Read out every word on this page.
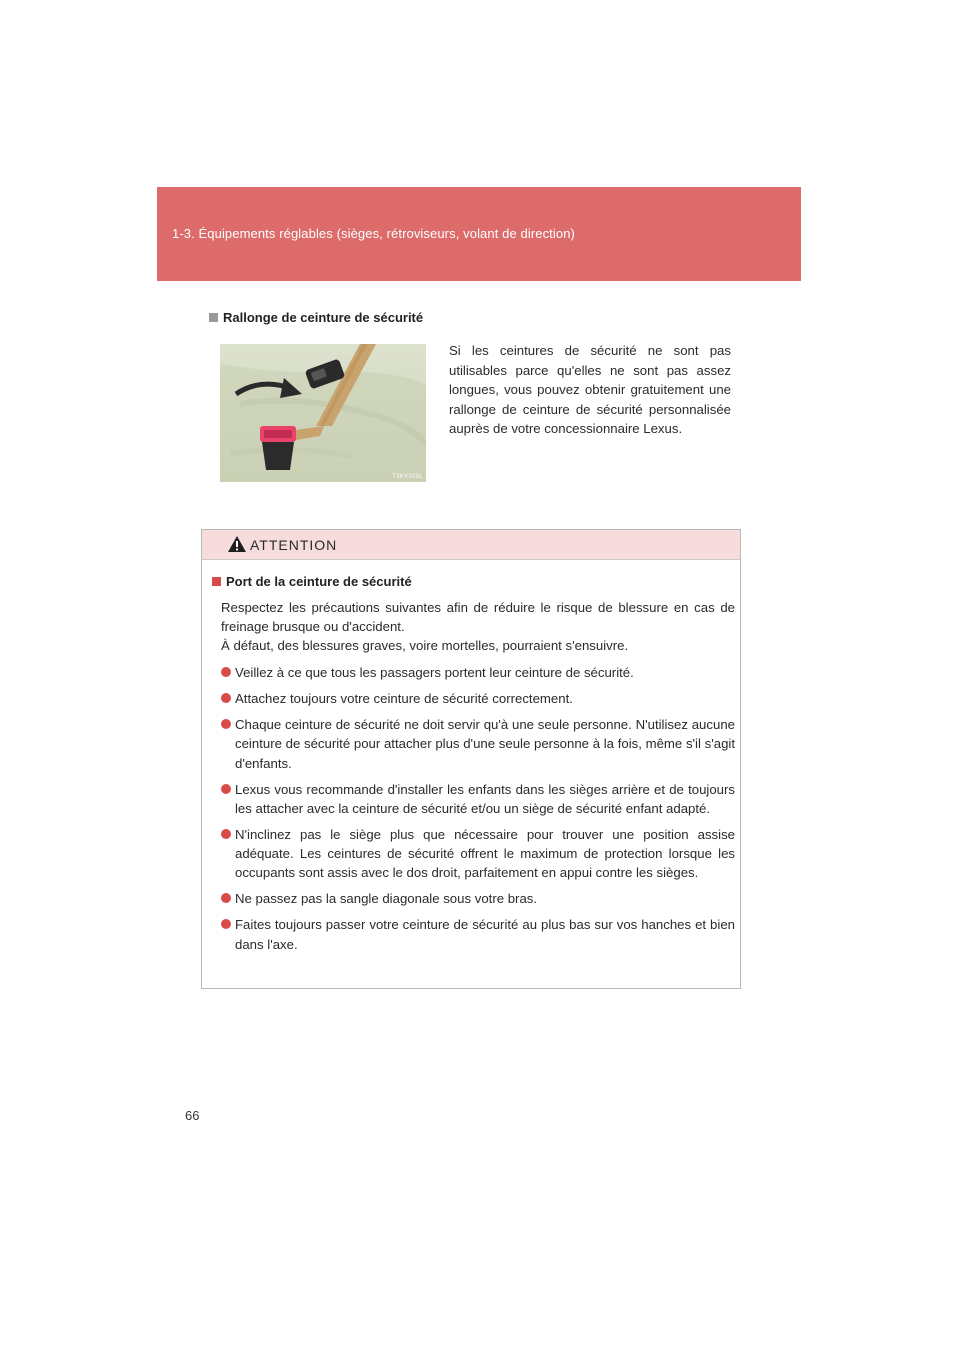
1-3. Équipements réglables (sièges, rétroviseurs, volant de direction)
Rallonge de ceinture de sécurité
T3KY010L
Si les ceintures de sécurité ne sont pas utilisables parce qu'elles ne sont pas assez longues, vous pouvez obtenir gratuitement une rallonge de ceinture de sécurité personnalisée auprès de votre concessionnaire Lexus.
ATTENTION
Port de la ceinture de sécurité

Respectez les précautions suivantes afin de réduire le risque de blessure en cas de freinage brusque ou d'accident.

À défaut, des blessures graves, voire mortelles, pourraient s'ensuivre.

Veillez à ce que tous les passagers portent leur ceinture de sécurité.
Attachez toujours votre ceinture de sécurité correctement.
Chaque ceinture de sécurité ne doit servir qu'à une seule personne. N'utilisez aucune ceinture de sécurité pour attacher plus d'une seule personne à la fois, même s'il s'agit d'enfants.
Lexus vous recommande d'installer les enfants dans les sièges arrière et de toujours les attacher avec la ceinture de sécurité et/ou un siège de sécurité enfant adapté.
N'inclinez pas le siège plus que nécessaire pour trouver une position assise adéquate. Les ceintures de sécurité offrent le maximum de protection lorsque les occupants sont assis avec le dos droit, parfaitement en appui contre les sièges.
Ne passez pas la sangle diagonale sous votre bras.
Faites toujours passer votre ceinture de sécurité au plus bas sur vos hanches et bien dans l'axe.
66
